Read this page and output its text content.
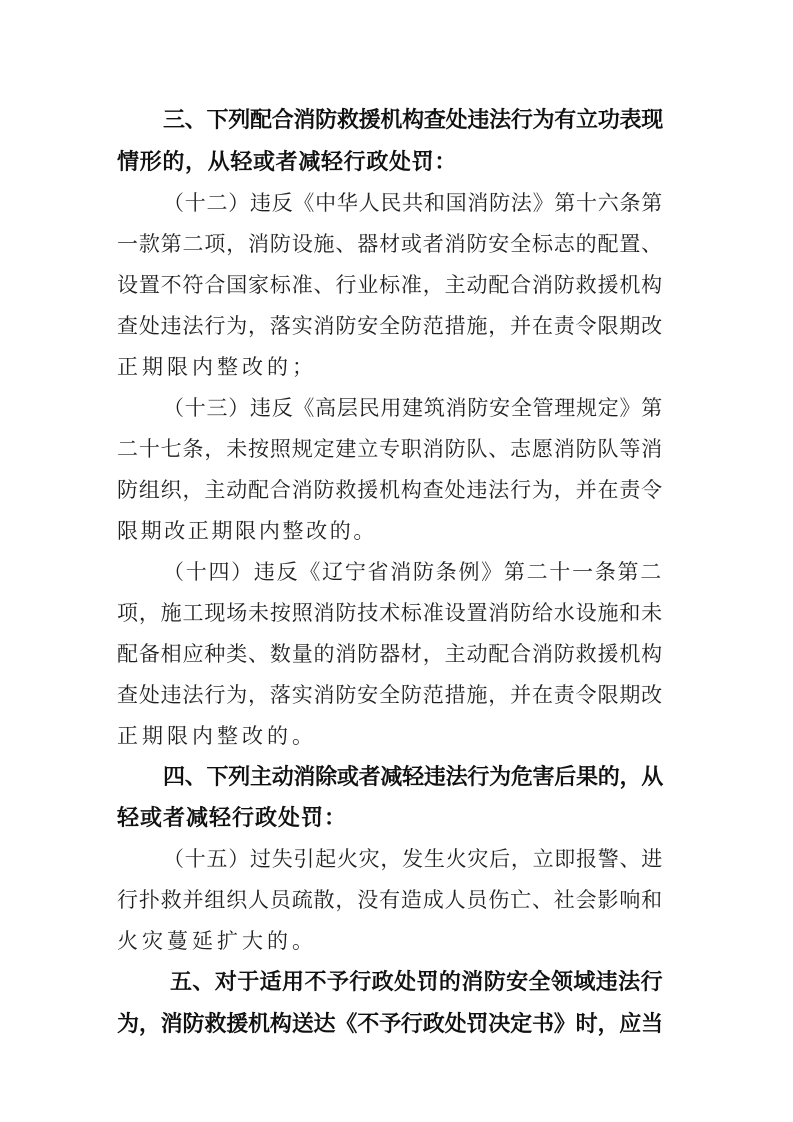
三、下列配合消防救援机构查处违法行为有立功表现
情形的，从轻或者减轻行政处罚：
（十二）违反《中华人民共和国消防法》第十六条第
一款第二项，消防设施、器材或者消防安全标志的配置、
设置不符合国家标准、行业标准，主动配合消防救援机构
查处违法行为，落实消防安全防范措施，并在责令限期改
正期限内整改的；
（十三）违反《高层民用建筑消防安全管理规定》第
二十七条，未按照规定建立专职消防队、志愿消防队等消
防组织，主动配合消防救援机构查处违法行为，并在责令
限期改正期限内整改的。
（十四）违反《辽宁省消防条例》第二十一条第二
项，施工现场未按照消防技术标准设置消防给水设施和未
配备相应种类、数量的消防器材，主动配合消防救援机构
查处违法行为，落实消防安全防范措施，并在责令限期改
正期限内整改的。
四、下列主动消除或者减轻违法行为危害后果的，从
轻或者减轻行政处罚：
（十五）过失引起火灾，发生火灾后，立即报警、进
行扑救并组织人员疏散，没有造成人员伤亡、社会影响和
火灾蔓延扩大的。
五、对于适用不予行政处罚的消防安全领域违法行
为，消防救援机构送达《不予行政处罚决定书》时，应当
